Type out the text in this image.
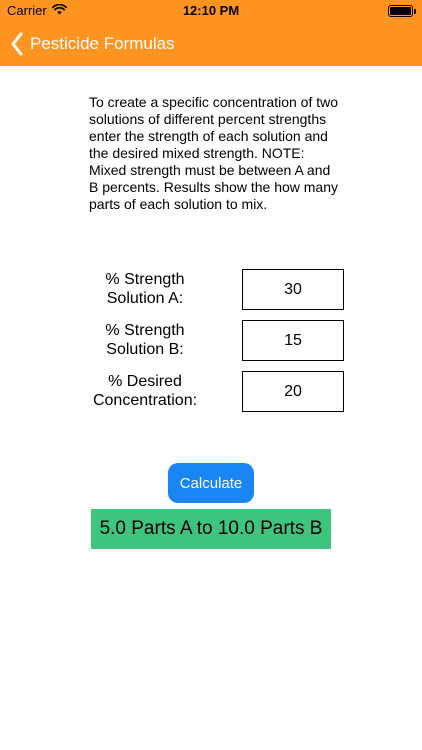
Carrier	12:10 PM
Pesticide Formulas

To create a specific concentration of two solutions of different percent strengths enter the strength of each solution and the desired mixed strength. NOTE: Mixed strength must be between A and B percents. Results show the how many parts of each solution to mix.

% Strength
Solution A:
30
% Strength
Solution B:
15
% Desired
Concentration:
20
Calculate
5.0 Parts A to 10.0 Parts B
